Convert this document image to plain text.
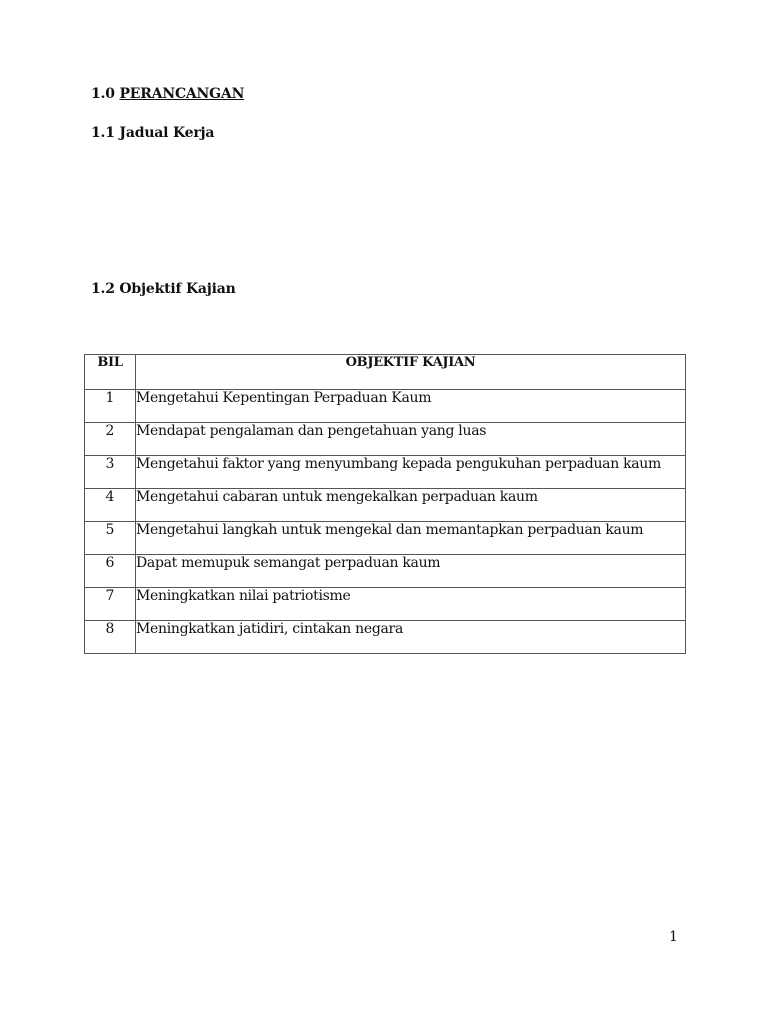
1.0 PERANCANGAN
1.1 Jadual Kerja
1.2 Objektif Kajian
BIL	OBJEKTIF KAJIAN
1	Mengetahui Kepentingan Perpaduan Kaum
2	Mendapat pengalaman dan pengetahuan yang luas
3	Mengetahui faktor yang menyumbang kepada pengukuhan perpaduan kaum
4	Mengetahui cabaran untuk mengekalkan perpaduan kaum
5	Mengetahui langkah untuk mengekal dan memantapkan perpaduan kaum
6	Dapat memupuk semangat perpaduan kaum
7	Meningkatkan nilai patriotisme
8	Meningkatkan jatidiri, cintakan negara
1
